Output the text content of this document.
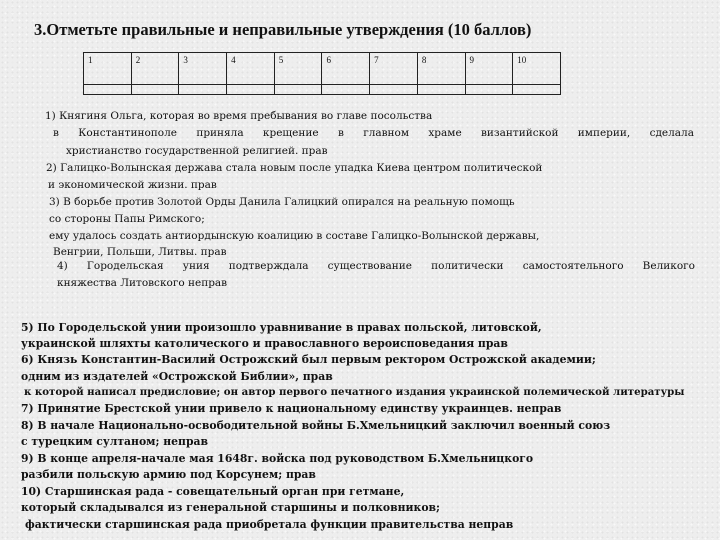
3.Отметьте правильные и неправильные утверждения (10 баллов)
1	2	3	4	5	6	7	8	9	10

1) Княгиня Ольга, которая во время пребывания во главе посольства
в Константинополе приняла крещение в главном храме византийской империи, сделала
христианство государственной религией. прав
2) Галицко-Волынская держава стала новым после упадка Киева центром политической
и экономической жизни. прав
3) В борьбе против Золотой Орды Данила Галицкий опирался на реальную помощь
со стороны Папы Римского;
ему удалось создать антиордынскую коалицию в составе Галицко-Волынской державы,
Венгрии, Польши, Литвы. прав
4) Городельская уния подтверждала существование политически самостоятельного Великого
княжества Литовского неправ
5) По Городельской унии произошло уравнивание в правах польской, литовской,
украинской шляхты католического и православного вероисповедания прав
6) Князь Константин-Василий Острожский был первым ректором Острожской академии;
одним из издателей «Острожской Библии», прав
к которой написал предисловие; он автор первого печатного издания украинской полемической литературы
7) Принятие Брестской унии привело к национальному единству украинцев. неправ
8) В начале Национально-освободительной войны Б.Хмельницкий заключил военный союз
с турецким султаном; неправ
9) В конце апреля-начале мая 1648г. войска под руководством Б.Хмельницкого
разбили польскую армию под Корсунем; прав
10) Старшинская рада - совещательный орган при гетмане,
который складывался из генеральной старшины и полковников;
фактически старшинская рада приобретала функции правительства неправ
